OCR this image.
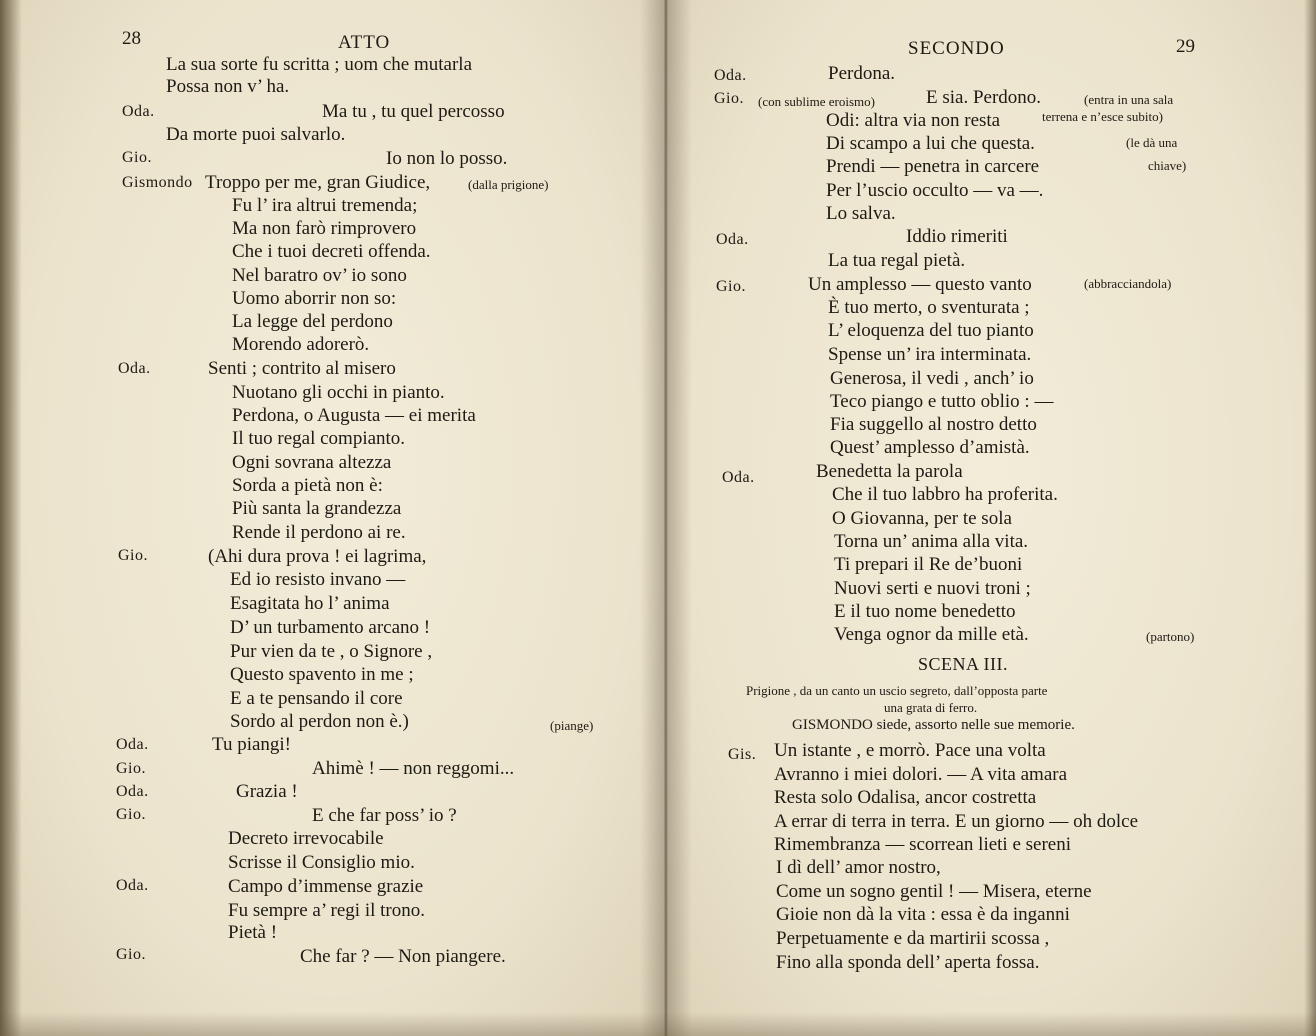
28	ATTO
La sua sorte fu scritta ; uom che mutarla
Possa non v’ ha.
Oda.	Ma tu , tu quel percosso
Da morte puoi salvarlo.
Gio.	Io non lo posso.
Gismondo Troppo per me, gran Giudice,	(dalla prigione)
Fu l’ ira altrui tremenda;
Ma non farò rimprovero
Che i tuoi decreti offenda.
Nel baratro ov’ io sono
Uomo aborrir non so:
La legge del perdono
Morendo adorerò.
Oda.	Senti ; contrito al misero
Nuotano gli occhi in pianto.
Perdona, o Augusta — ei merita
Il tuo regal compianto.
Ogni sovrana altezza
Sorda a pietà non è:
Più santa la grandezza
Rende il perdono ai re.
Gio.	(Ahi dura prova ! ei lagrima,
Ed io resisto invano —
Esagitata ho l’ anima
D’ un turbamento arcano !
Pur vien da te , o Signore ,
Questo spavento in me ;
E a te pensando il core
Sordo al perdon non è.)	(piange)
Oda.	Tu piangi!
Gio.	Ahimè ! — non reggomi...
Oda.	Grazia !
Gio.	E che far poss’ io ?
Decreto irrevocabile
Scrisse il Consiglio mio.
Oda.	Campo d’immense grazie
Fu sempre a’ regi il trono.
Pietà !
Gio.	Che far ? — Non piangere.
SECONDO	29
Oda.	Perdona.
Gio. (con sublime eroismo)	E sia. Perdono.	(entra in una sala
Odi: altra via non resta	terrena e n’esce subito)
Di scampo a lui che questa.	(le dà una
Prendi — penetra in carcere	chiave)
Per l’uscio occulto — va —.
Lo salva.
Oda.	Iddio rimeriti
La tua regal pietà.
Gio.	Un amplesso — questo vanto	(abbracciandola)
È tuo merto, o sventurata ;
L’ eloquenza del tuo pianto
Spense un’ ira interminata.
Generosa, il vedi , anch’ io
Teco piango e tutto oblio : —
Fia suggello al nostro detto
Quest’ amplesso d’amistà.
Oda.	Benedetta la parola
Che il tuo labbro ha proferita.
O Giovanna, per te sola
Torna un’ anima alla vita.
Ti prepari il Re de’buoni
Nuovi serti e nuovi troni ;
E il tuo nome benedetto
Venga ognor da mille età.	(partono)
SCENA III.
Prigione , da un canto un uscio segreto, dall’opposta parte
una grata di ferro.
GISMONDO siede, assorto nelle sue memorie.
Gis. Un istante , e morrò. Pace una volta
Avranno i miei dolori. — A vita amara
Resta solo Odalisa, ancor costretta
A errar di terra in terra. E un giorno — oh dolce
Rimembranza — scorrean lieti e sereni
I dì dell’ amor nostro,
Come un sogno gentil ! — Misera, eterne
Gioie non dà la vita : essa è da inganni
Perpetuamente e da martirii scossa ,
Fino alla sponda dell’ aperta fossa.
